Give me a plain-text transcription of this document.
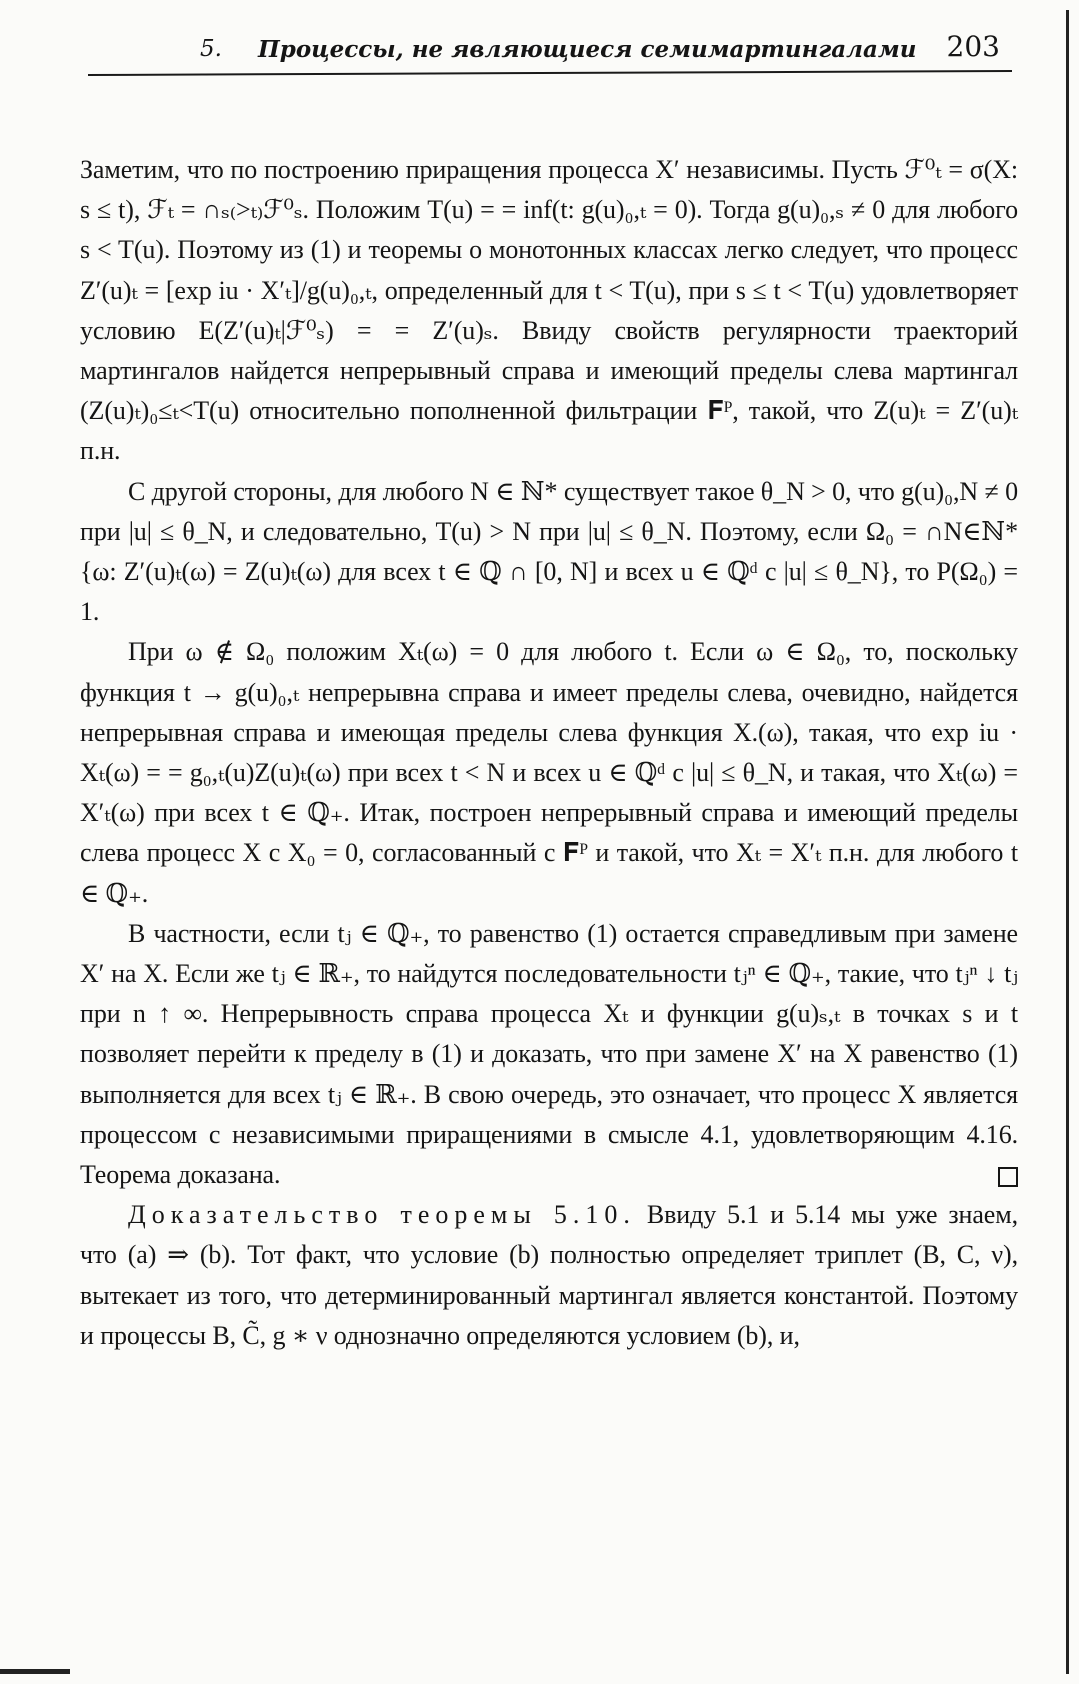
5. Процессы, не являющиеся семимартингалами 203

Заметим, что по построению приращения процесса X′ независимы. Пусть ℱ⁰ₜ = σ(X: s ≤ t), ℱₜ = ∩ₛ₍>ₜ₎ℱ⁰ₛ. Положим T(u) = = inf(t: g(u)₀,ₜ = 0). Тогда g(u)₀,ₛ ≠ 0 для любого s < T(u). Поэтому из (1) и теоремы о монотонных классах легко следует, что процесс Z′(u)ₜ = [exp iu · X′ₜ]/g(u)₀,ₜ, определенный для t < T(u), при s ≤ t < T(u) удовлетворяет условию E(Z′(u)ₜ|ℱ⁰ₛ) = = Z′(u)ₛ. Ввиду свойств регулярности траекторий мартингалов найдется непрерывный справа и имеющий пределы слева мартингал (Z(u)ₜ)₀≤ₜ<T(u) относительно пополненной фильтрации 𝐅ᴾ, такой, что Z(u)ₜ = Z′(u)ₜ п.н.

С другой стороны, для любого N ∈ ℕ* существует такое θ_N > 0, что g(u)₀,N ≠ 0 при |u| ≤ θ_N, и следовательно, T(u) > N при |u| ≤ θ_N. Поэтому, если Ω₀ = ∩N∈ℕ* {ω: Z′(u)ₜ(ω) = Z(u)ₜ(ω) для всех t ∈ ℚ ∩ [0, N] и всех u ∈ ℚᵈ с |u| ≤ θ_N}, то P(Ω₀) = 1.

При ω ∉ Ω₀ положим Xₜ(ω) = 0 для любого t. Если ω ∈ Ω₀, то, поскольку функция t → g(u)₀,ₜ непрерывна справа и имеет пределы слева, очевидно, найдется непрерывная справа и имеющая пределы слева функция X.(ω), такая, что exp iu · Xₜ(ω) = = g₀,ₜ(u)Z(u)ₜ(ω) при всех t < N и всех u ∈ ℚᵈ с |u| ≤ θ_N, и такая, что Xₜ(ω) = X′ₜ(ω) при всех t ∈ ℚ₊. Итак, построен непрерывный справа и имеющий пределы слева процесс X с X₀ = 0, согласованный с 𝐅ᴾ и такой, что Xₜ = X′ₜ п.н. для любого t ∈ ℚ₊.

В частности, если tⱼ ∈ ℚ₊, то равенство (1) остается справедливым при замене X′ на X. Если же tⱼ ∈ ℝ₊, то найдутся последовательности tⱼⁿ ∈ ℚ₊, такие, что tⱼⁿ ↓ tⱼ при n ↑ ∞. Непрерывность справа процесса Xₜ и функции g(u)ₛ,ₜ в точках s и t позволяет перейти к пределу в (1) и доказать, что при замене X′ на X равенство (1) выполняется для всех tⱼ ∈ ℝ₊. В свою очередь, это означает, что процесс X является процессом с независимыми приращениями в смысле 4.1, удовлетворяющим 4.16. Теорема доказана.

Доказательство теоремы 5.10. Ввиду 5.1 и 5.14 мы уже знаем, что (a) ⇒ (b). Тот факт, что условие (b) полностью определяет триплет (B, C, ν), вытекает из того, что детерминированный мартингал является константой. Поэтому и процессы B, C̃, g ∗ ν однозначно определяются условием (b), и,
